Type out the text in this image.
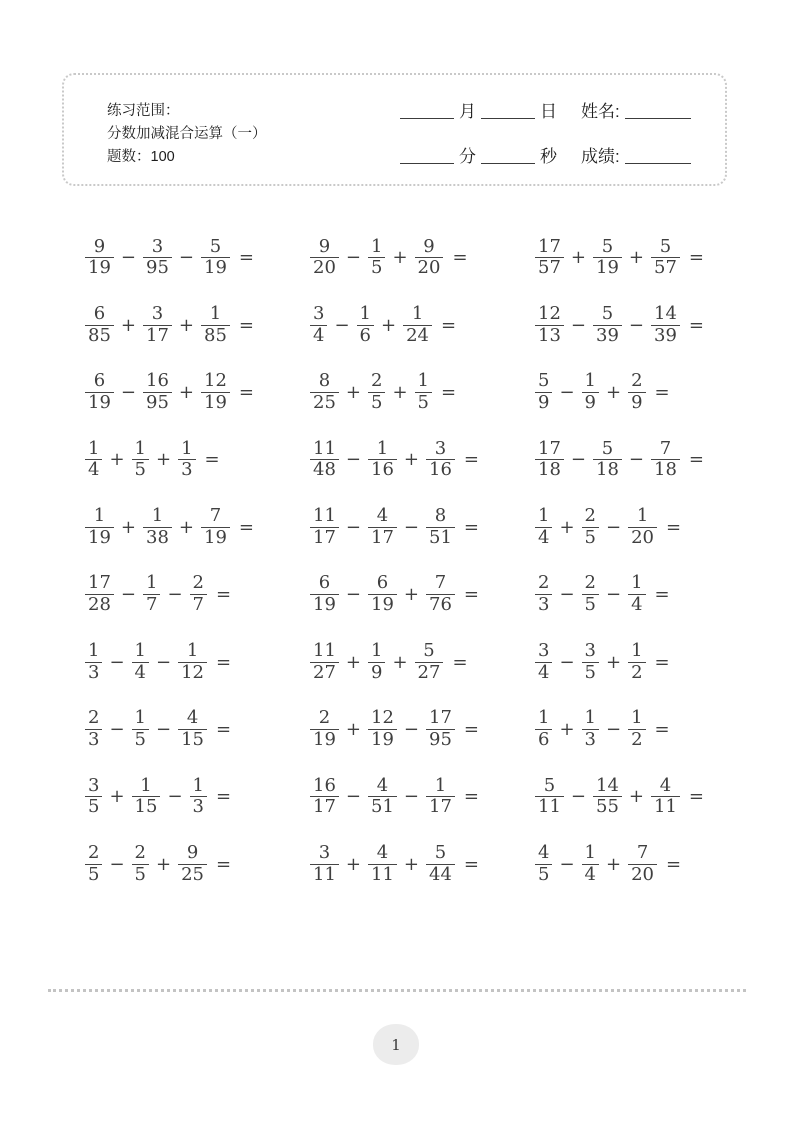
练习范围：
分数加减混合运算（一）
题数：100
月	日 姓名:
分	秒 成绩:
$\frac{9}{19} - \frac{3}{95} - \frac{5}{19}$ =	$\frac{9}{20} - \frac{1}{5} + \frac{9}{20}$ =	$\frac{17}{57} + \frac{5}{19} + \frac{5}{57}$ =
$\frac{6}{85} + \frac{3}{17} + \frac{1}{85}$ =	$\frac{3}{4} - \frac{1}{6} + \frac{1}{24}$ =	$\frac{12}{13} - \frac{5}{39} - \frac{14}{39}$ =
$\frac{6}{19} - \frac{16}{95} + \frac{12}{19}$ =	$\frac{8}{25} + \frac{2}{5} + \frac{1}{5}$ =	$\frac{5}{9} - \frac{1}{9} + \frac{2}{9}$ =
$\frac{1}{4} + \frac{1}{5} + \frac{1}{3}$ =	$\frac{11}{48} - \frac{1}{16} + \frac{3}{16}$ =	$\frac{17}{18} - \frac{5}{18} - \frac{7}{18}$ =
$\frac{1}{19} + \frac{1}{38} + \frac{7}{19}$ =	$\frac{11}{17} - \frac{4}{17} - \frac{8}{51}$ =	$\frac{1}{4} + \frac{2}{5} - \frac{1}{20}$ =
$\frac{17}{28} - \frac{1}{7} - \frac{2}{7}$ =	$\frac{6}{19} - \frac{6}{19} + \frac{7}{76}$ =	$\frac{2}{3} - \frac{2}{5} - \frac{1}{4}$ =
$\frac{1}{3} - \frac{1}{4} - \frac{1}{12}$ =	$\frac{11}{27} + \frac{1}{9} + \frac{5}{27}$ =	$\frac{3}{4} - \frac{3}{5} + \frac{1}{2}$ =
$\frac{2}{3} - \frac{1}{5} - \frac{4}{15}$ =	$\frac{2}{19} + \frac{12}{19} - \frac{17}{95}$ =	$\frac{1}{6} + \frac{1}{3} - \frac{1}{2}$ =
$\frac{3}{5} + \frac{1}{15} - \frac{1}{3}$ =	$\frac{16}{17} - \frac{4}{51} - \frac{1}{17}$ =	$\frac{5}{11} - \frac{14}{55} + \frac{4}{11}$ =
$\frac{2}{5} - \frac{2}{5} + \frac{9}{25}$ =	$\frac{3}{11} + \frac{4}{11} + \frac{5}{44}$ =	$\frac{4}{5} - \frac{1}{4} + \frac{7}{20}$ =
1
